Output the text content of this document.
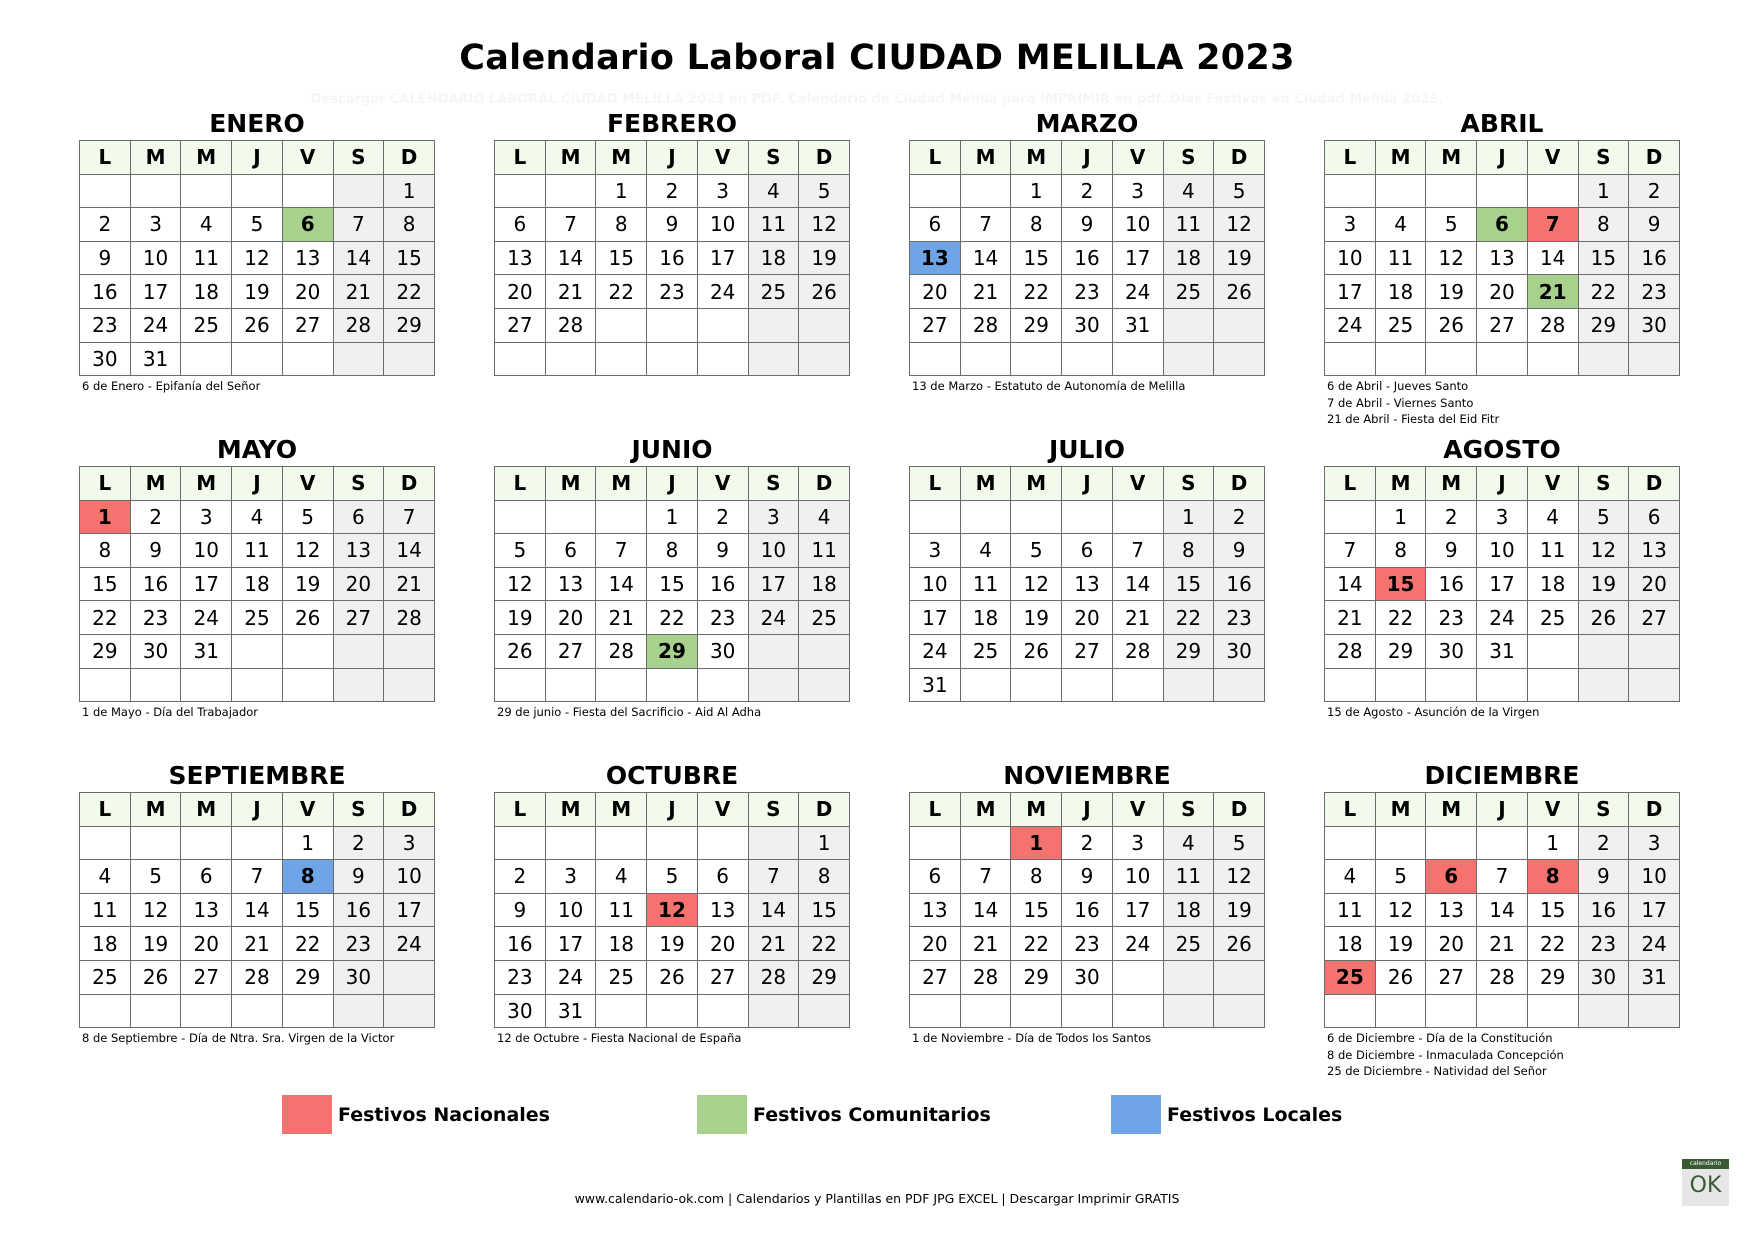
Calendario Laboral CIUDAD MELILLA 2023
Descargar CALENDARIO LABORAL CIUDAD MELILLA 2023 en PDF. Calendario de Ciudad Melilla para IMPRIMIR en pdf. Dias Festivos en Ciudad Melilla 2023.
ENERO
L	M	M	J	V	S	D
						1
2	3	4	5	6	7	8
9	10	11	12	13	14	15
16	17	18	19	20	21	22
23	24	25	26	27	28	29
30	31					
6 de Enero - Epifanía del Señor
FEBRERO
L	M	M	J	V	S	D
		1	2	3	4	5
6	7	8	9	10	11	12
13	14	15	16	17	18	19
20	21	22	23	24	25	26
27	28					

MARZO
L	M	M	J	V	S	D
		1	2	3	4	5
6	7	8	9	10	11	12
13	14	15	16	17	18	19
20	21	22	23	24	25	26
27	28	29	30	31		

13 de Marzo - Estatuto de Autonomía de Melilla
ABRIL
L	M	M	J	V	S	D
					1	2
3	4	5	6	7	8	9
10	11	12	13	14	15	16
17	18	19	20	21	22	23
24	25	26	27	28	29	30

6 de Abril - Jueves Santo
7 de Abril - Viernes Santo
21 de Abril - Fiesta del Eid Fitr
MAYO
L	M	M	J	V	S	D
1	2	3	4	5	6	7
8	9	10	11	12	13	14
15	16	17	18	19	20	21
22	23	24	25	26	27	28
29	30	31				

1 de Mayo - Día del Trabajador
JUNIO
L	M	M	J	V	S	D
			1	2	3	4
5	6	7	8	9	10	11
12	13	14	15	16	17	18
19	20	21	22	23	24	25
26	27	28	29	30		

29 de junio - Fiesta del Sacrificio - Aid Al Adha
JULIO
L	M	M	J	V	S	D
					1	2
3	4	5	6	7	8	9
10	11	12	13	14	15	16
17	18	19	20	21	22	23
24	25	26	27	28	29	30
31						
AGOSTO
L	M	M	J	V	S	D
	1	2	3	4	5	6
7	8	9	10	11	12	13
14	15	16	17	18	19	20
21	22	23	24	25	26	27
28	29	30	31			

15 de Agosto - Asunción de la Virgen
SEPTIEMBRE
L	M	M	J	V	S	D
				1	2	3
4	5	6	7	8	9	10
11	12	13	14	15	16	17
18	19	20	21	22	23	24
25	26	27	28	29	30	

8 de Septiembre - Día de Ntra. Sra. Virgen de la Victor
OCTUBRE
L	M	M	J	V	S	D
						1
2	3	4	5	6	7	8
9	10	11	12	13	14	15
16	17	18	19	20	21	22
23	24	25	26	27	28	29
30	31					
12 de Octubre - Fiesta Nacional de España
NOVIEMBRE
L	M	M	J	V	S	D
		1	2	3	4	5
6	7	8	9	10	11	12
13	14	15	16	17	18	19
20	21	22	23	24	25	26
27	28	29	30			

1 de Noviembre - Día de Todos los Santos
DICIEMBRE
L	M	M	J	V	S	D
				1	2	3
4	5	6	7	8	9	10
11	12	13	14	15	16	17
18	19	20	21	22	23	24
25	26	27	28	29	30	31

6 de Diciembre - Día de la Constitución
8 de Diciembre - Inmaculada Concepción
25 de Diciembre - Natividad del Señor
Festivos Nacionales	Festivos Comunitarios	Festivos Locales
www.calendario-ok.com | Calendarios y Plantillas en PDF JPG EXCEL | Descargar Imprimir GRATIS
calendario
OK
